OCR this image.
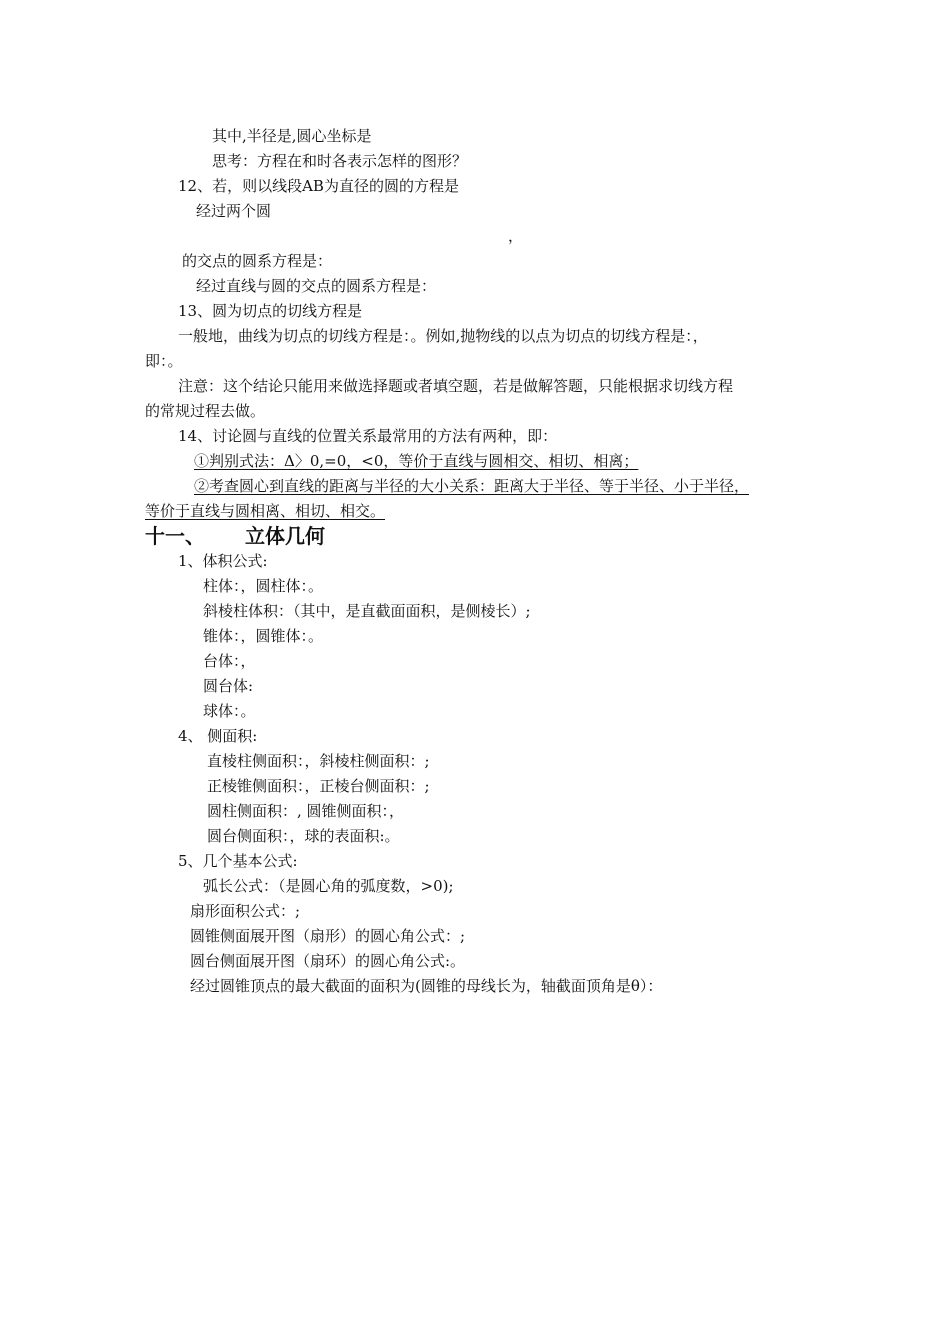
其中,半径是,圆心坐标是
思考：方程在和时各表示怎样的图形？
12、若，则以线段AB为直径的圆的方程是
经过两个圆
，
的交点的圆系方程是：
经过直线与圆的交点的圆系方程是：
13、圆为切点的切线方程是
一般地，曲线为切点的切线方程是：。例如,抛物线的以点为切点的切线方程是：，
即：。
注意：这个结论只能用来做选择题或者填空题，若是做解答题，只能根据求切线方程
的常规过程去做。
14、讨论圆与直线的位置关系最常用的方法有两种，即：
①判别式法：Δ〉0,=0，<0，等价于直线与圆相交、相切、相离；
②考查圆心到直线的距离与半径的大小关系：距离大于半径、等于半径、小于半径，
等价于直线与圆相离、相切、相交。
十一、 立体几何
1、体积公式:
柱体：，圆柱体：。
斜棱柱体积：（其中，是直截面面积，是侧棱长）;
锥体：，圆锥体：。
台体：，
圆台体:
球体：。
4、 侧面积:
直棱柱侧面积：，斜棱柱侧面积：;
正棱锥侧面积：，正棱台侧面积：;
圆柱侧面积：, 圆锥侧面积：，
圆台侧面积：，球的表面积:。
5、几个基本公式:
弧长公式：（是圆心角的弧度数，>0);
扇形面积公式：;
圆锥侧面展开图（扇形）的圆心角公式：;
圆台侧面展开图（扇环）的圆心角公式:。
经过圆锥顶点的最大截面的面积为(圆锥的母线长为，轴截面顶角是θ）：
